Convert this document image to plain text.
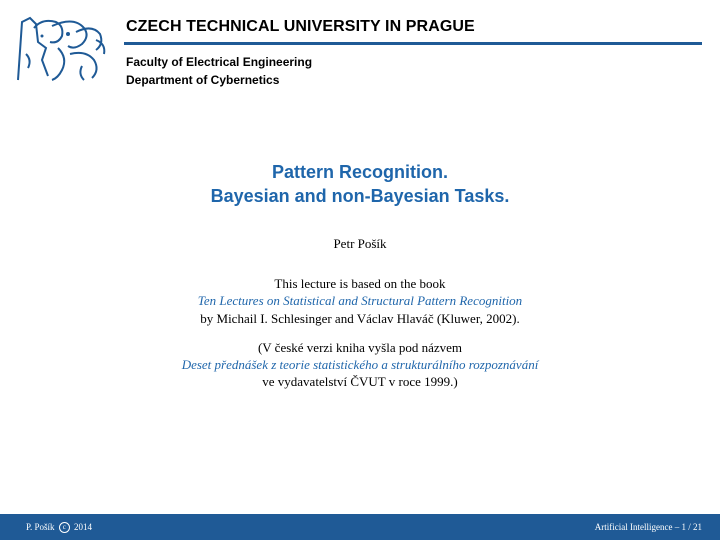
CZECH TECHNICAL UNIVERSITY IN PRAGUE
Faculty of Electrical Engineering
Department of Cybernetics
Pattern Recognition.
Bayesian and non-Bayesian Tasks.
Petr Pošík
This lecture is based on the book
Ten Lectures on Statistical and Structural Pattern Recognition
by Michail I. Schlesinger and Václav Hlaváč (Kluwer, 2002).
(V české verzi kniha vyšla pod názvem
Deset přednášek z teorie statistického a strukturálního rozpoznávání
ve vydavatelství ČVUT v roce 1999.)
P. Pošík c 2014	Artificial Intelligence – 1 / 21
